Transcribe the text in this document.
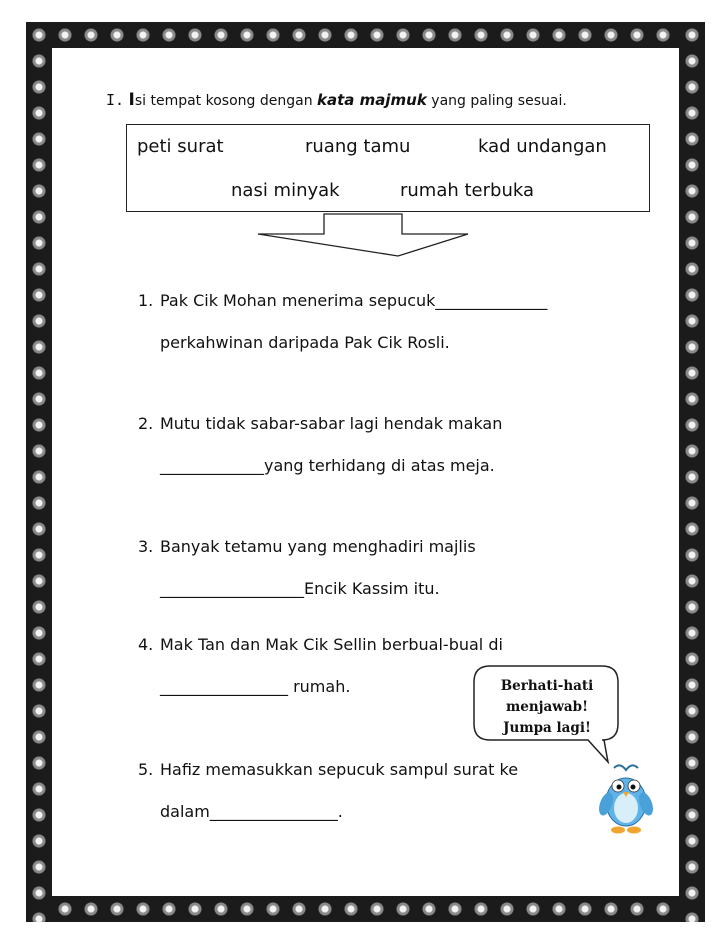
I. Isi tempat kosong dengan kata majmuk yang paling sesuai.
peti surat	ruang tamu	kad undangan
nasi minyak	rumah terbuka
1. Pak Cik Mohan menerima sepucuk______________
perkahwinan daripada Pak Cik Rosli.
2. Mutu tidak sabar-sabar lagi hendak makan
_____________yang terhidang di atas meja.
3. Banyak tetamu yang menghadiri majlis
__________________Encik Kassim itu.
4. Mak Tan dan Mak Cik Sellin berbual-bual di
________________ rumah.
5. Hafiz memasukkan sepucuk sampul surat ke
dalam________________.
Berhati-hati
menjawab!
Jumpa lagi!
